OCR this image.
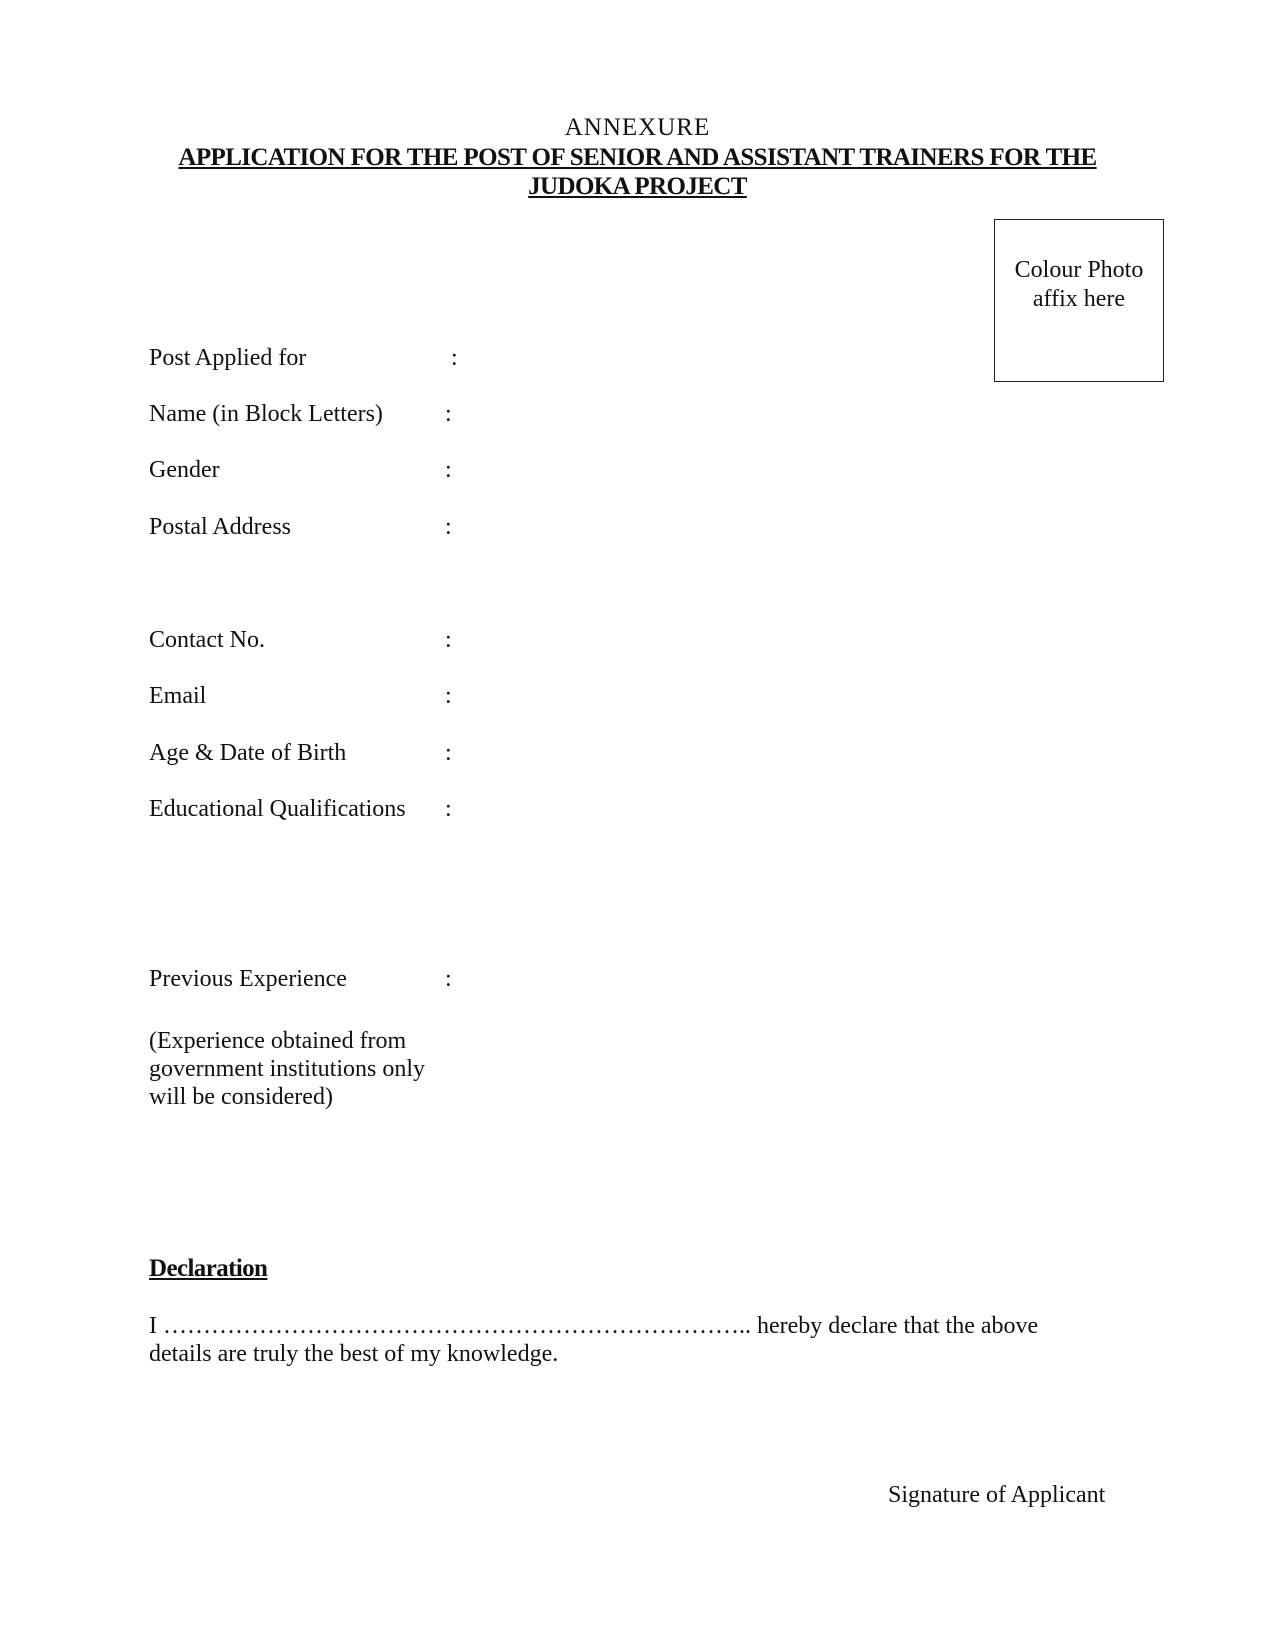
ANNEXURE
APPLICATION FOR THE POST OF SENIOR AND ASSISTANT TRAINERS FOR THE JUDOKA PROJECT
Colour Photo
affix here
Post Applied for	:
Name (in Block Letters)	:
Gender	:
Postal Address	:
Contact No.	:
Email	:
Age & Date of Birth	:
Educational Qualifications :
Previous Experience	:
(Experience obtained from government institutions only will be considered)
Declaration
I ……………………………………………………………….. hereby declare that the above details are truly the best of my knowledge.
Signature of Applicant
